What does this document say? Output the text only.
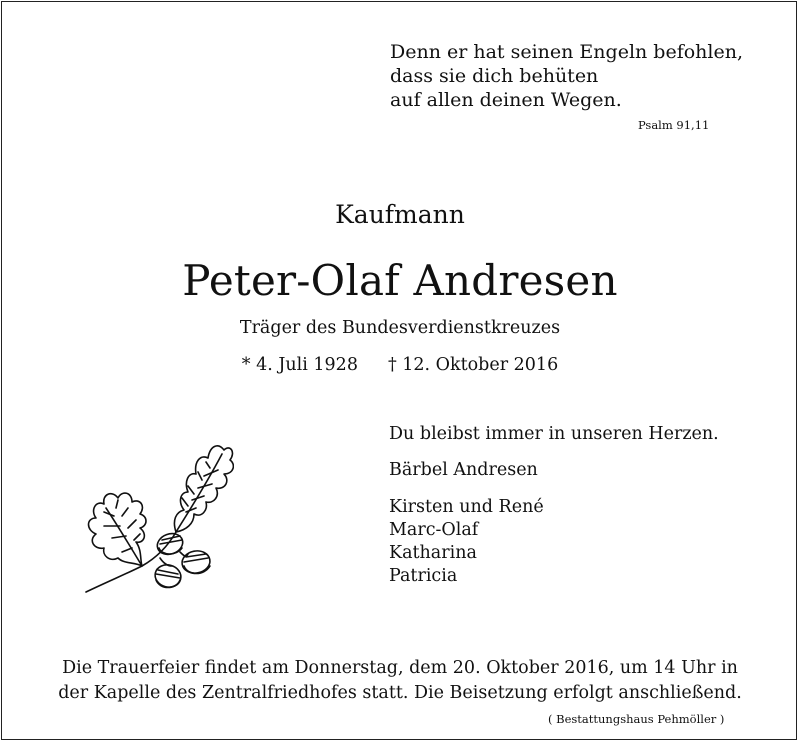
Denn er hat seinen Engeln befohlen,
dass sie dich behüten
auf allen deinen Wegen.
Psalm 91,11
Kaufmann
Peter-Olaf Andresen
Träger des Bundesverdienstkreuzes
* 4. Juli 1928 † 12. Oktober 2016
Du bleibst immer in unseren Herzen.
Bärbel Andresen
Kirsten und René
Marc-Olaf
Katharina
Patricia
Die Trauerfeier findet am Donnerstag, dem 20. Oktober 2016, um 14 Uhr in
der Kapelle des Zentralfriedhofes statt. Die Beisetzung erfolgt anschließend.
( Bestattungshaus Pehmöller )
